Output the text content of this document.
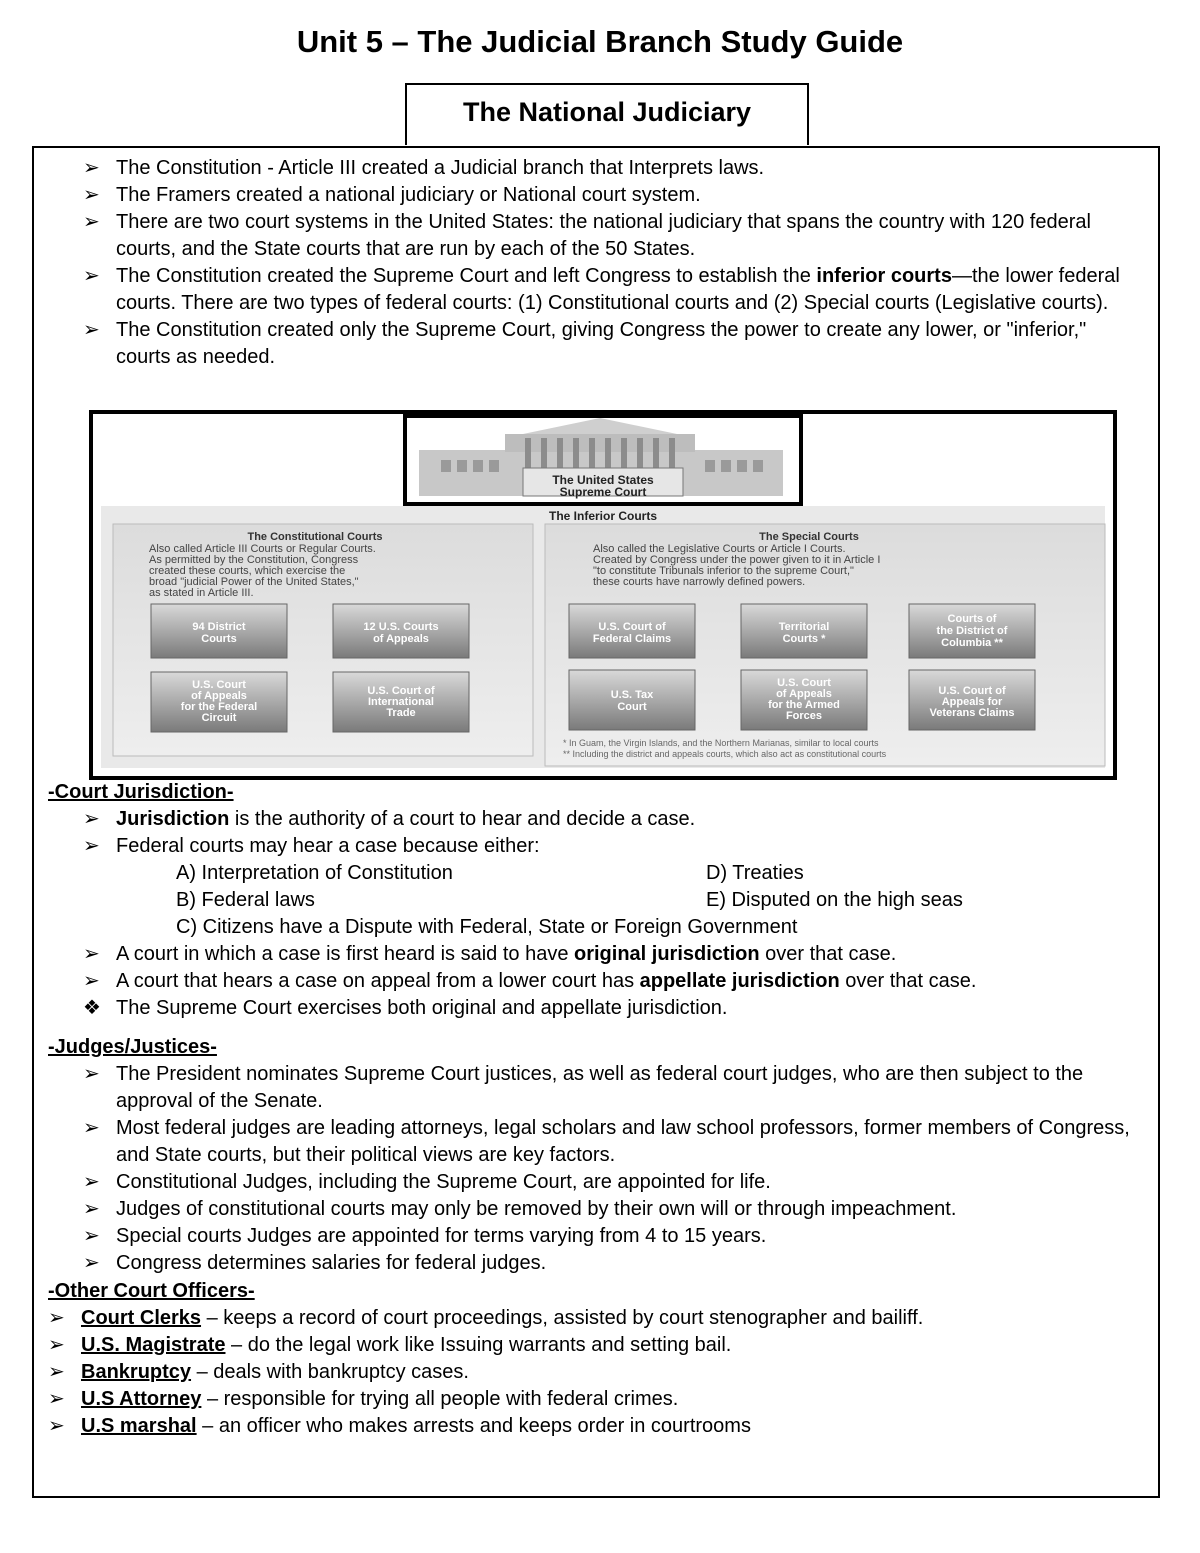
Unit 5 – The Judicial Branch Study Guide
The National Judiciary
➢ The Constitution - Article III created a Judicial branch that Interprets laws.
➢ The Framers created a national judiciary or National court system.
➢ There are two court systems in the United States: the national judiciary that spans the country with 120 federal courts, and the State courts that are run by each of the 50 States.
➢ The Constitution created the Supreme Court and left Congress to establish the inferior courts—the lower federal courts. There are two types of federal courts: (1) Constitutional courts and (2) Special courts (Legislative courts).
➢ The Constitution created only the Supreme Court, giving Congress the power to create any lower, or "inferior," courts as needed.
The United States
Supreme Court
The Inferior Courts
The Constitutional Courts
Also called Article III Courts or Regular Courts.
As permitted by the Constitution, Congress
created these courts, which exercise the
broad "judicial Power of the United States,"
as stated in Article III.
94 District
Courts
12 U.S. Courts
of Appeals
U.S. Court
of Appeals
for the Federal
Circuit
U.S. Court of
International
Trade
The Special Courts
Also called the Legislative Courts or Article I Courts.
Created by Congress under the power given to it in Article I
"to constitute Tribunals inferior to the supreme Court,"
these courts have narrowly defined powers.
U.S. Court of
Federal Claims
Territorial
Courts *
Courts of
the District of
Columbia **
U.S. Tax
Court
U.S. Court
of Appeals
for the Armed
Forces
U.S. Court of
Appeals for
Veterans Claims
* In Guam, the Virgin Islands, and the Northern Marianas, similar to local courts
** Including the district and appeals courts, which also act as constitutional courts
-Court Jurisdiction-
➢ Jurisdiction is the authority of a court to hear and decide a case.
➢ Federal courts may hear a case because either:
A) Interpretation of Constitution	D) Treaties
B) Federal laws	E) Disputed on the high seas
C) Citizens have a Dispute with Federal, State or Foreign Government
➢ A court in which a case is first heard is said to have original jurisdiction over that case.
➢ A court that hears a case on appeal from a lower court has appellate jurisdiction over that case.
❖ The Supreme Court exercises both original and appellate jurisdiction.
-Judges/Justices-
➢ The President nominates Supreme Court justices, as well as federal court judges, who are then subject to the approval of the Senate.
➢ Most federal judges are leading attorneys, legal scholars and law school professors, former members of Congress, and State courts, but their political views are key factors.
➢ Constitutional Judges, including the Supreme Court, are appointed for life.
➢ Judges of constitutional courts may only be removed by their own will or through impeachment.
➢ Special courts Judges are appointed for terms varying from 4 to 15 years.
➢ Congress determines salaries for federal judges.
-Other Court Officers-
➢ Court Clerks – keeps a record of court proceedings, assisted by court stenographer and bailiff.
➢ U.S. Magistrate – do the legal work like Issuing warrants and setting bail.
➢ Bankruptcy – deals with bankruptcy cases.
➢ U.S Attorney – responsible for trying all people with federal crimes.
➢ U.S marshal – an officer who makes arrests and keeps order in courtrooms
